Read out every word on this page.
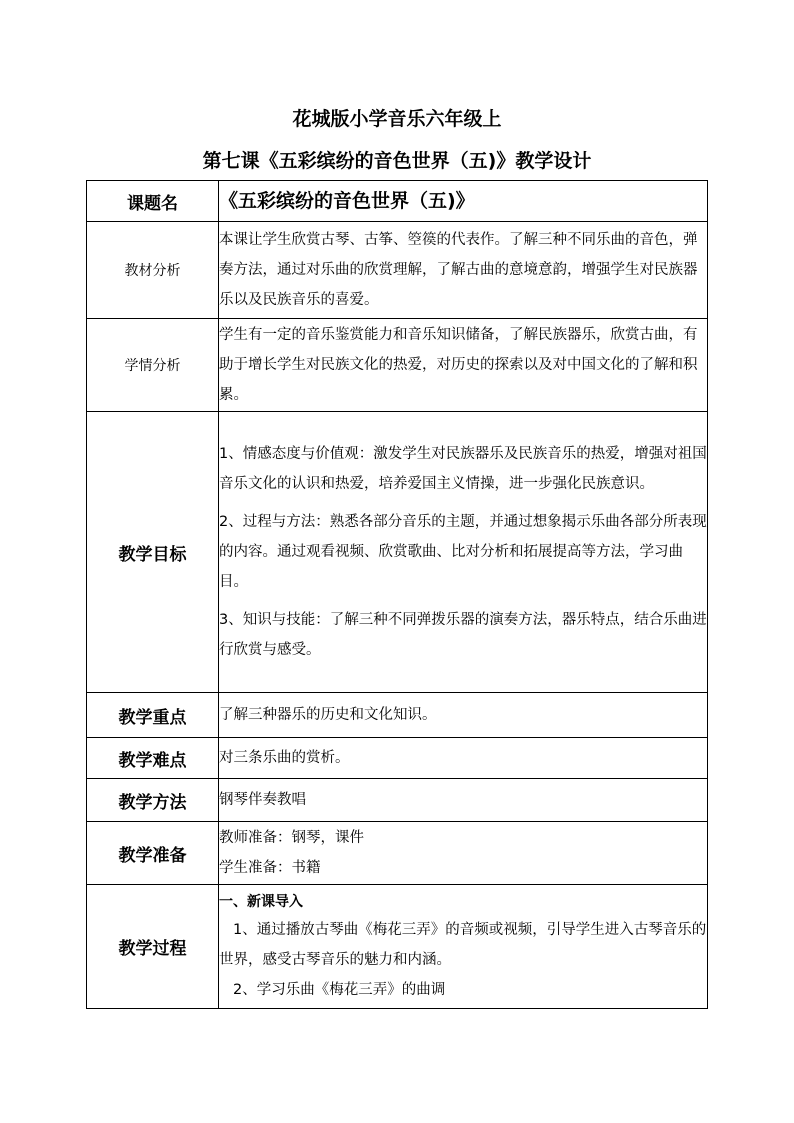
花城版小学音乐六年级上
第七课《五彩缤纷的音色世界（五)》教学设计
课题名	《五彩缤纷的音色世界（五)》
教材分析	本课让学生欣赏古琴、古筝、箜篌的代表作。了解三种不同乐曲的音色，弹奏方法，通过对乐曲的欣赏理解，了解古曲的意境意韵，增强学生对民族器乐以及民族音乐的喜爱。
学情分析	学生有一定的音乐鉴赏能力和音乐知识储备，了解民族器乐，欣赏古曲，有助于增长学生对民族文化的热爱，对历史的探索以及对中国文化的了解和积累。
教学目标	1、情感态度与价值观：激发学生对民族器乐及民族音乐的热爱，增强对祖国音乐文化的认识和热爱，培养爱国主义情操，进一步强化民族意识。

2、过程与方法：熟悉各部分音乐的主题，并通过想象揭示乐曲各部分所表现的内容。通过观看视频、欣赏歌曲、比对分析和拓展提高等方法，学习曲目。

3、知识与技能：了解三种不同弹拨乐器的演奏方法，器乐特点，结合乐曲进行欣赏与感受。

教学重点	了解三种器乐的历史和文化知识。
教学难点	对三条乐曲的赏析。
教学方法	钢琴伴奏教唱
教学准备	教师准备：钢琴，课件
学生准备：书籍

教学过程	一、新课导入
1、通过播放古琴曲《梅花三弄》的音频或视频，引导学生进入古琴音乐的世界，感受古琴音乐的魅力和内涵。
2、学习乐曲《梅花三弄》的曲调
